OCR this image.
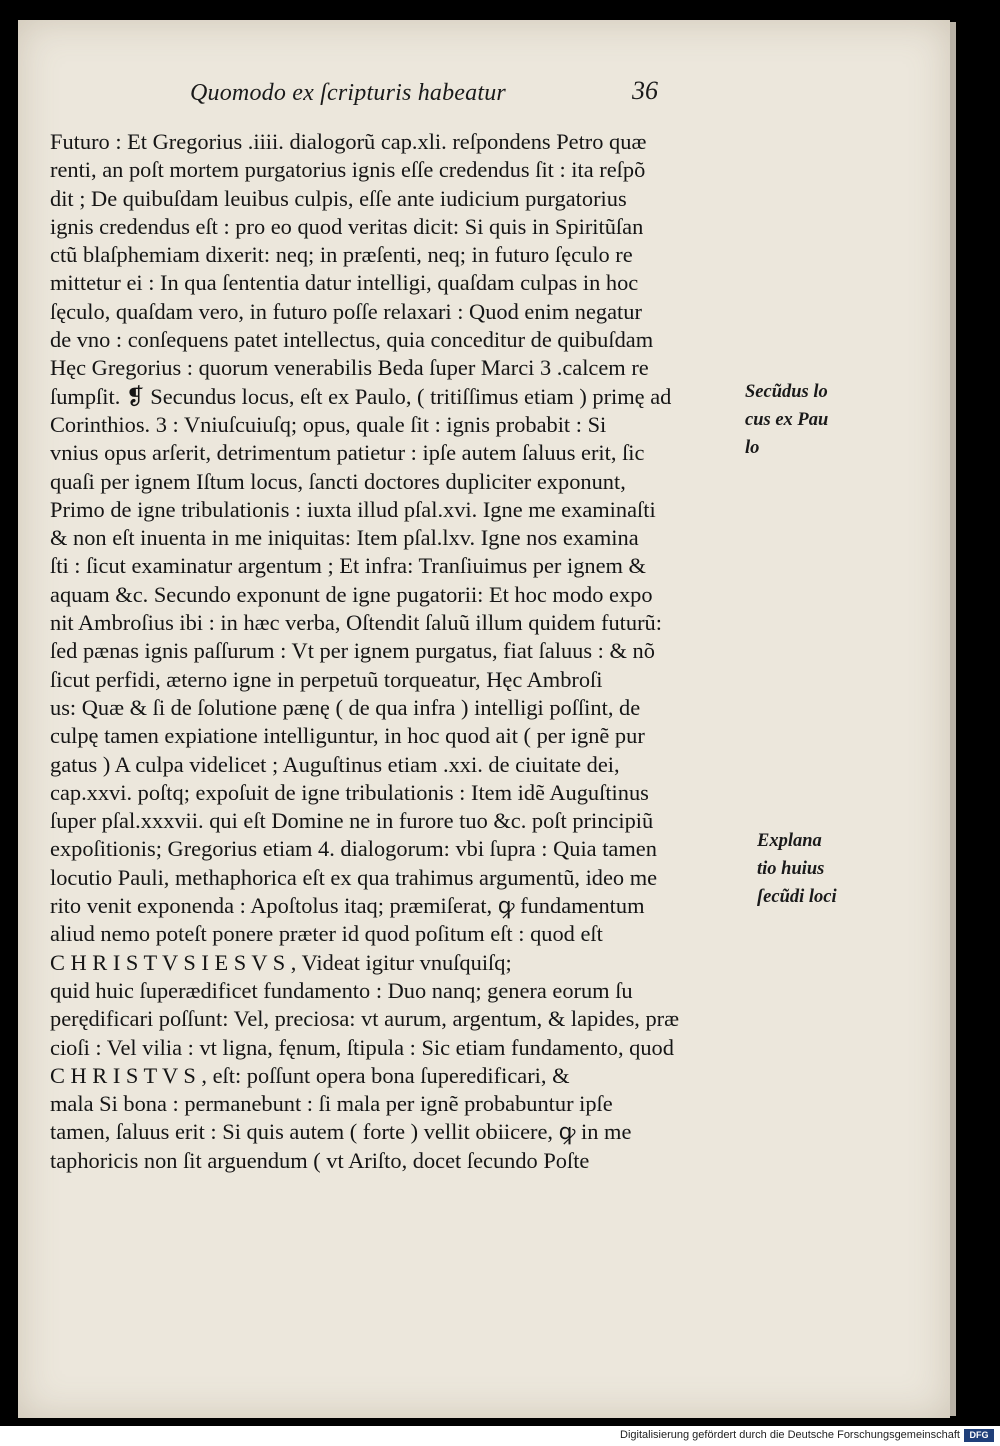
Quomodo ex ſcripturis habeatur	36
Futuro : Et Gregorius .iiii. dialogorũ cap.xli. reſpondens Petro quæ
renti, an poſt mortem purgatorius ignis eſſe credendus ſit : ita reſpõ
dit ; De quibuſdam leuibus culpis, eſſe ante iudicium purgatorius
ignis credendus eſt : pro eo quod veritas dicit: Si quis in Spiritũſan
ctũ blaſphemiam dixerit: neq; in præſenti, neq; in futuro ſęculo re
mittetur ei : In qua ſententia datur intelligi, quaſdam culpas in hoc
ſęculo, quaſdam vero, in futuro poſſe relaxari : Quod enim negatur
de vno : conſequens patet intellectus, quia conceditur de quibuſdam
Hęc Gregorius : quorum venerabilis Beda ſuper Marci 3 .calcem re
ſumpſit. ❡ Secundus locus, eſt ex Paulo, ( tritiſſimus etiam ) primę ad
Corinthios. 3 : Vniuſcuiuſq; opus, quale ſit : ignis probabit : Si
vnius opus arſerit, detrimentum patietur : ipſe autem ſaluus erit, ſic
quaſi per ignem Iſtum locus, ſancti doctores dupliciter exponunt,
Primo de igne tribulationis : iuxta illud pſal.xvi. Igne me examinaſti
& non eſt inuenta in me iniquitas: Item pſal.lxv. Igne nos examina
ſti : ſicut examinatur argentum ; Et infra: Tranſiuimus per ignem &
aquam &c. Secundo exponunt de igne pugatorii: Et hoc modo expo
nit Ambroſius ibi : in hæc verba, Oſtendit ſaluũ illum quidem futurũ:
ſed pænas ignis paſſurum : Vt per ignem purgatus, fiat ſaluus : & nõ
ſicut perfidi, æterno igne in perpetuũ torqueatur, Hęc Ambroſi
us: Quæ & ſi de ſolutione pænę ( de qua infra ) intelligi poſſint, de
culpę tamen expiatione intelliguntur, in hoc quod ait ( per ignẽ pur
gatus ) A culpa videlicet ; Auguſtinus etiam .xxi. de ciuitate dei,
cap.xxvi. poſtq; expoſuit de igne tribulationis : Item idẽ Auguſtinus
ſuper pſal.xxxvii. qui eſt Domine ne in furore tuo &c. poſt principiũ
expoſitionis; Gregorius etiam 4. dialogorum: vbi ſupra : Quia tamen
locutio Pauli, methaphorica eſt ex qua trahimus argumentũ, ideo me
rito venit exponenda : Apoſtolus itaq; præmiſerat, ꝙ fundamentum
aliud nemo poteſt ponere præter id quod poſitum eſt : quod eſt
C H R I S T V S I E S V S , Videat igitur vnuſquiſq;
quid huic ſuperædificet fundamento : Duo nanq; genera eorum ſu
perędificari poſſunt: Vel, preciosa: vt aurum, argentum, & lapides, præ
cioſi : Vel vilia : vt ligna, fęnum, ſtipula : Sic etiam fundamento, quod
C H R I S T V S , eſt: poſſunt opera bona ſuperedificari, &
mala Si bona : permanebunt : ſi mala per ignẽ probabuntur ipſe
tamen, ſaluus erit : Si quis autem ( forte ) vellit obiicere, ꝙ in me
taphoricis non ſit arguendum ( vt Ariſto, docet ſecundo Poſte
Secũdus lo
cus ex Pau
lo
Explana
tio huius
ſecũdi loci
Digitalisierung gefördert durch die Deutsche Forschungsgemeinschaft	DFG
